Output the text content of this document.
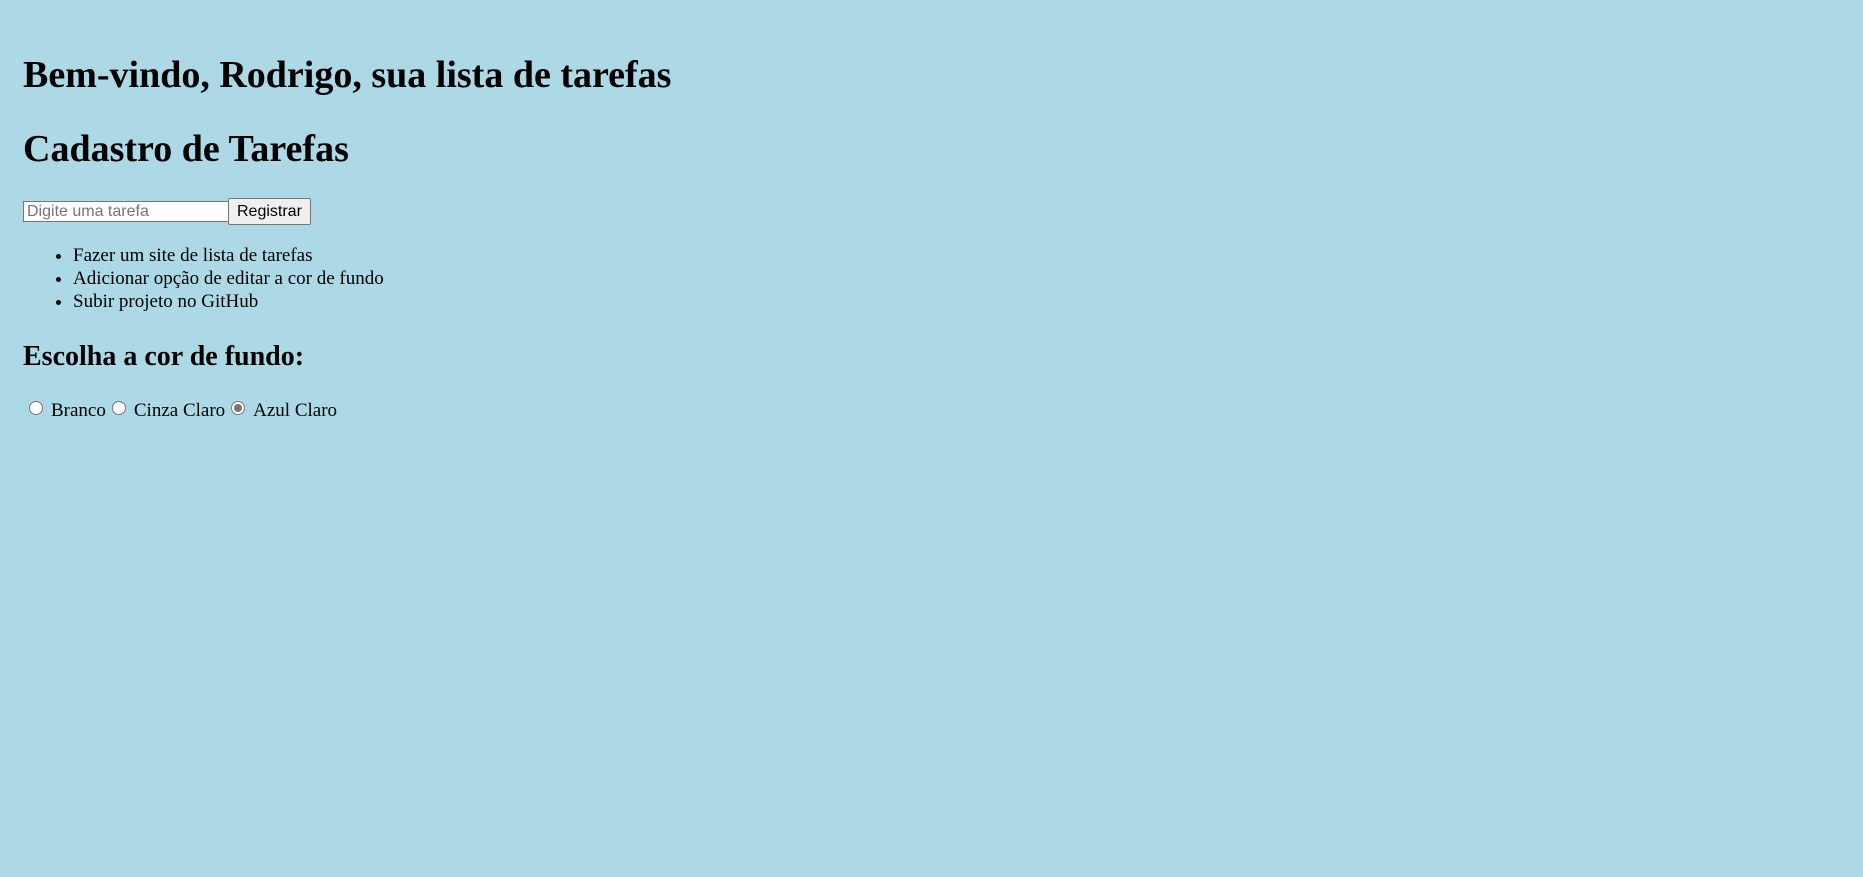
Bem-vindo, Rodrigo, sua lista de tarefas
Cadastro de Tarefas
Digite uma tarefa
Registrar
• Fazer um site de lista de tarefas
• Adicionar opção de editar a cor de fundo
• Subir projeto no GitHub
Escolha a cor de fundo:
Branco Cinza Claro Azul Claro
